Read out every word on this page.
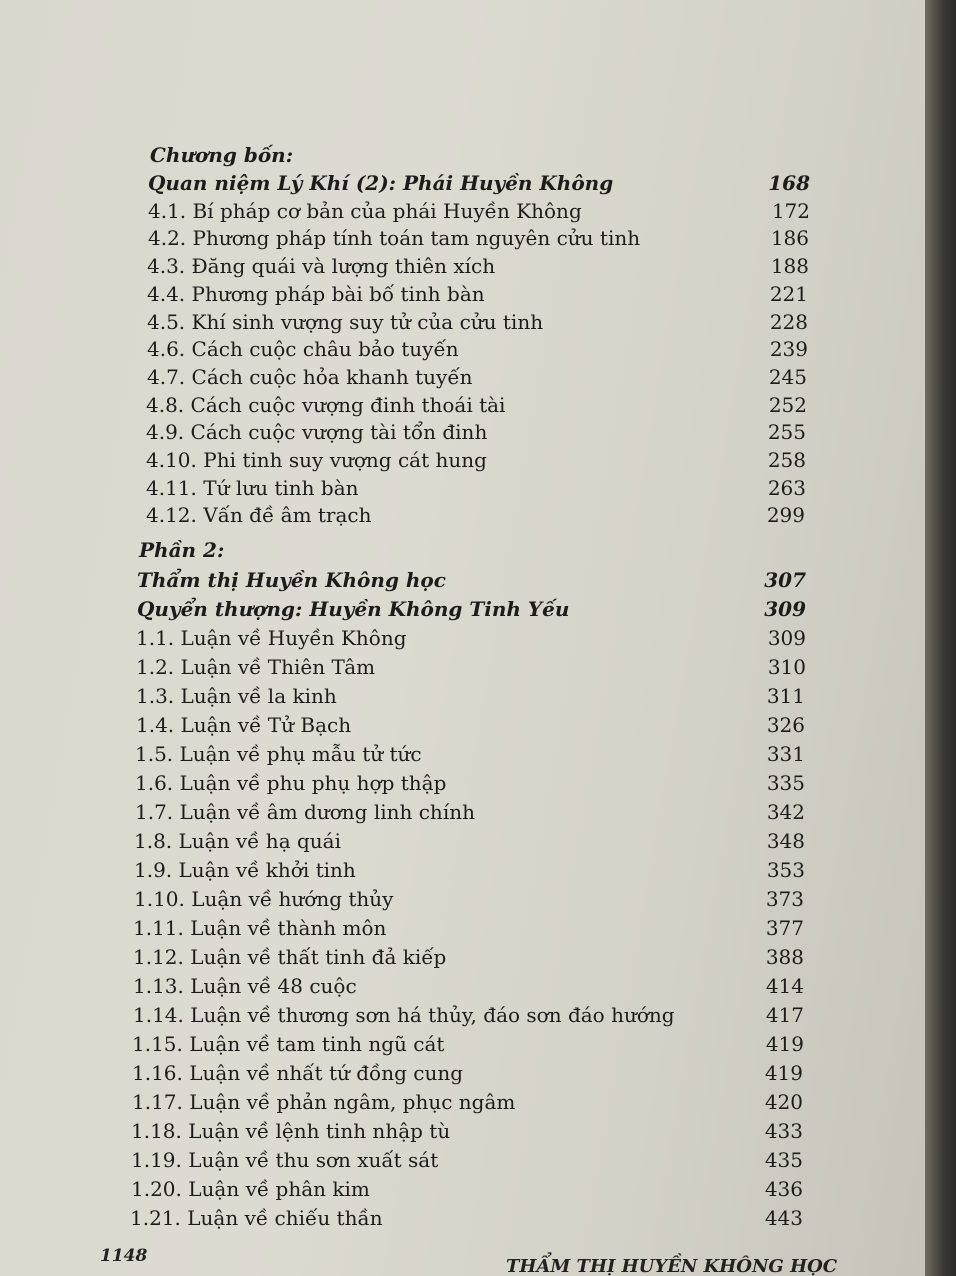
Chương bốn:
Quan niệm Lý Khí (2): Phái Huyền Không	168
4.1. Bí pháp cơ bản của phái Huyền Không	172
4.2. Phương pháp tính toán tam nguyên cửu tinh	186
4.3. Đăng quái và lượng thiên xích	188
4.4. Phương pháp bài bố tinh bàn	221
4.5. Khí sinh vượng suy tử của cửu tinh	228
4.6. Cách cuộc châu bảo tuyến	239
4.7. Cách cuộc hỏa khanh tuyến	245
4.8. Cách cuộc vượng đinh thoái tài	252
4.9. Cách cuộc vượng tài tổn đinh	255
4.10. Phi tinh suy vượng cát hung	258
4.11. Tứ lưu tinh bàn	263
4.12. Vấn đề âm trạch	299
Phần 2:
Thẩm thị Huyền Không học	307
Quyển thượng: Huyền Không Tinh Yếu	309
1.1. Luận về Huyền Không	309
1.2. Luận về Thiên Tâm	310
1.3. Luận về la kinh	311
1.4. Luận về Tử Bạch	326
1.5. Luận về phụ mẫu tử tức	331
1.6. Luận về phu phụ hợp thập	335
1.7. Luận về âm dương linh chính	342
1.8. Luận về hạ quái	348
1.9. Luận về khởi tinh	353
1.10. Luận về hướng thủy	373
1.11. Luận về thành môn	377
1.12. Luận về thất tinh đả kiếp	388
1.13. Luận về 48 cuộc	414
1.14. Luận về thương sơn há thủy, đáo sơn đáo hướng	417
1.15. Luận về tam tinh ngũ cát	419
1.16. Luận về nhất tứ đồng cung	419
1.17. Luận về phản ngâm, phục ngâm	420
1.18. Luận về lệnh tinh nhập tù	433
1.19. Luận về thu sơn xuất sát	435
1.20. Luận về phân kim	436
1.21. Luận về chiếu thần	443
1148	THẨM THỊ HUYỀN KHÔNG HỌC
